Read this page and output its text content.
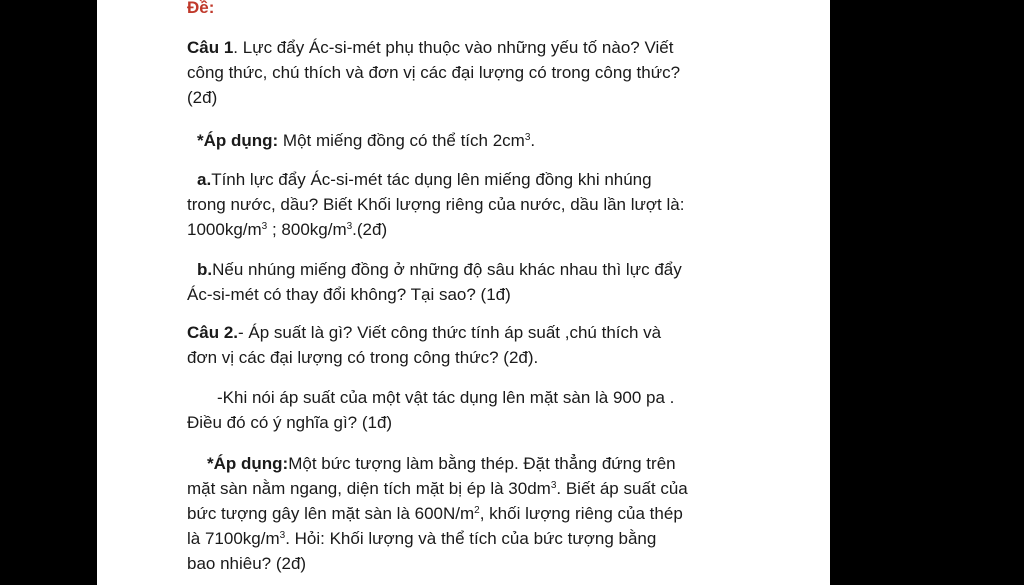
Đề:

Câu 1. Lực đẩy Ác-si-mét phụ thuộc vào những yếu tố nào? Viết
công thức, chú thích và đơn vị các đại lượng có trong công thức?
(2đ)

*Áp dụng: Một miếng đồng có thể tích $2cm^3$.

a.Tính lực đẩy Ác-si-mét tác dụng lên miếng đồng khi nhúng
trong nước, dầu? Biết Khối lượng riêng của nước, dầu lần lượt là:
$1000kg/m^3$ ; $800kg/m^3.(2đ)$

b.Nếu nhúng miếng đồng ở những độ sâu khác nhau thì lực đẩy
Ác-si-mét có thay đổi không? Tại sao? (1đ)

Câu 2.- Áp suất là gì? Viết công thức tính áp suất ,chú thích và
đơn vị các đại lượng có trong công thức? (2đ).

-Khi nói áp suất của một vật tác dụng lên mặt sàn là 900 pa .
Điều đó có ý nghĩa gì? (1đ)

*Áp dụng:Một bức tượng làm bằng thép. Đặt thẳng đứng trên
mặt sàn nằm ngang, diện tích mặt bị ép là $30dm^3$. Biết áp suất của
bức tượng gây lên mặt sàn là $600N/m^2$, khối lượng riêng của thép
là $7100kg/m^3$. Hỏi: Khối lượng và thể tích của bức tượng bằng
bao nhiêu? (2đ)
